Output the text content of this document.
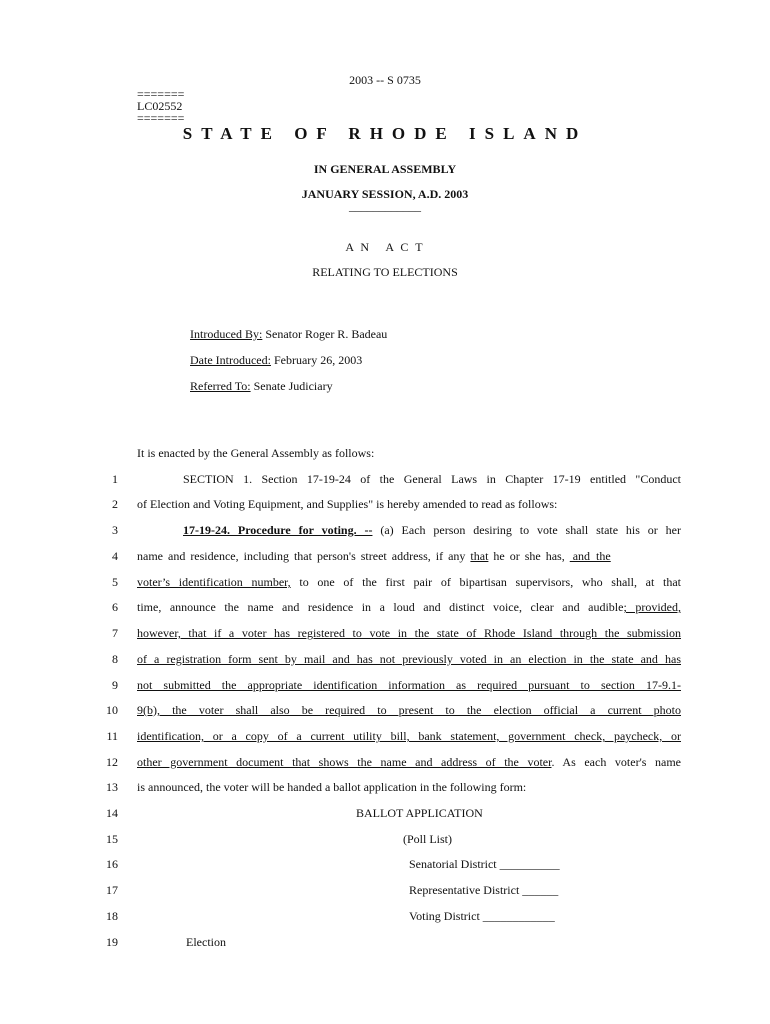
2003 -- S 0735
=======
LC02552
=======
STATE OF RHODE ISLAND
IN GENERAL ASSEMBLY
JANUARY SESSION, A.D. 2003
____________
A N   A C T
RELATING TO ELECTIONS
Introduced By: Senator Roger R. Badeau
Date Introduced: February 26, 2003
Referred To: Senate Judiciary
It is enacted by the General Assembly as follows:
1	SECTION 1. Section 17-19-24 of the General Laws in Chapter 17-19 entitled "Conduct
2 of Election and Voting Equipment, and Supplies" is hereby amended to read as follows:
3	17-19-24. Procedure for voting. -- (a) Each person desiring to vote shall state his or her
4 name and residence, including that person's street address, if any that he or she has,  and  the
5 voter’s identification number, to one of the first pair of bipartisan supervisors, who shall, at that
6 time, announce the name and residence in a loud and distinct voice, clear and audible; provided,
7 however, that if a voter has registered to vote in the state of Rhode Island through the submission
8 of a registration form sent by mail and has not previously voted in an election in the state and has
9 not submitted the appropriate identification information as required pursuant to section 17-9.1-
10 9(b),  the  voter  shall  also  be  required  to  present  to  the  election  official  a  current  photo
11 identification, or a copy of a current utility bill, bank statement, government check, paycheck, or
12 other government document that shows the name and address of the voter. As each voter's name
13 is announced, the voter will be handed a ballot application in the following form:
14	BALLOT APPLICATION
15	(Poll List)
16	Senatorial District __________
17	Representative District ______
18	Voting District ____________
19	Election
